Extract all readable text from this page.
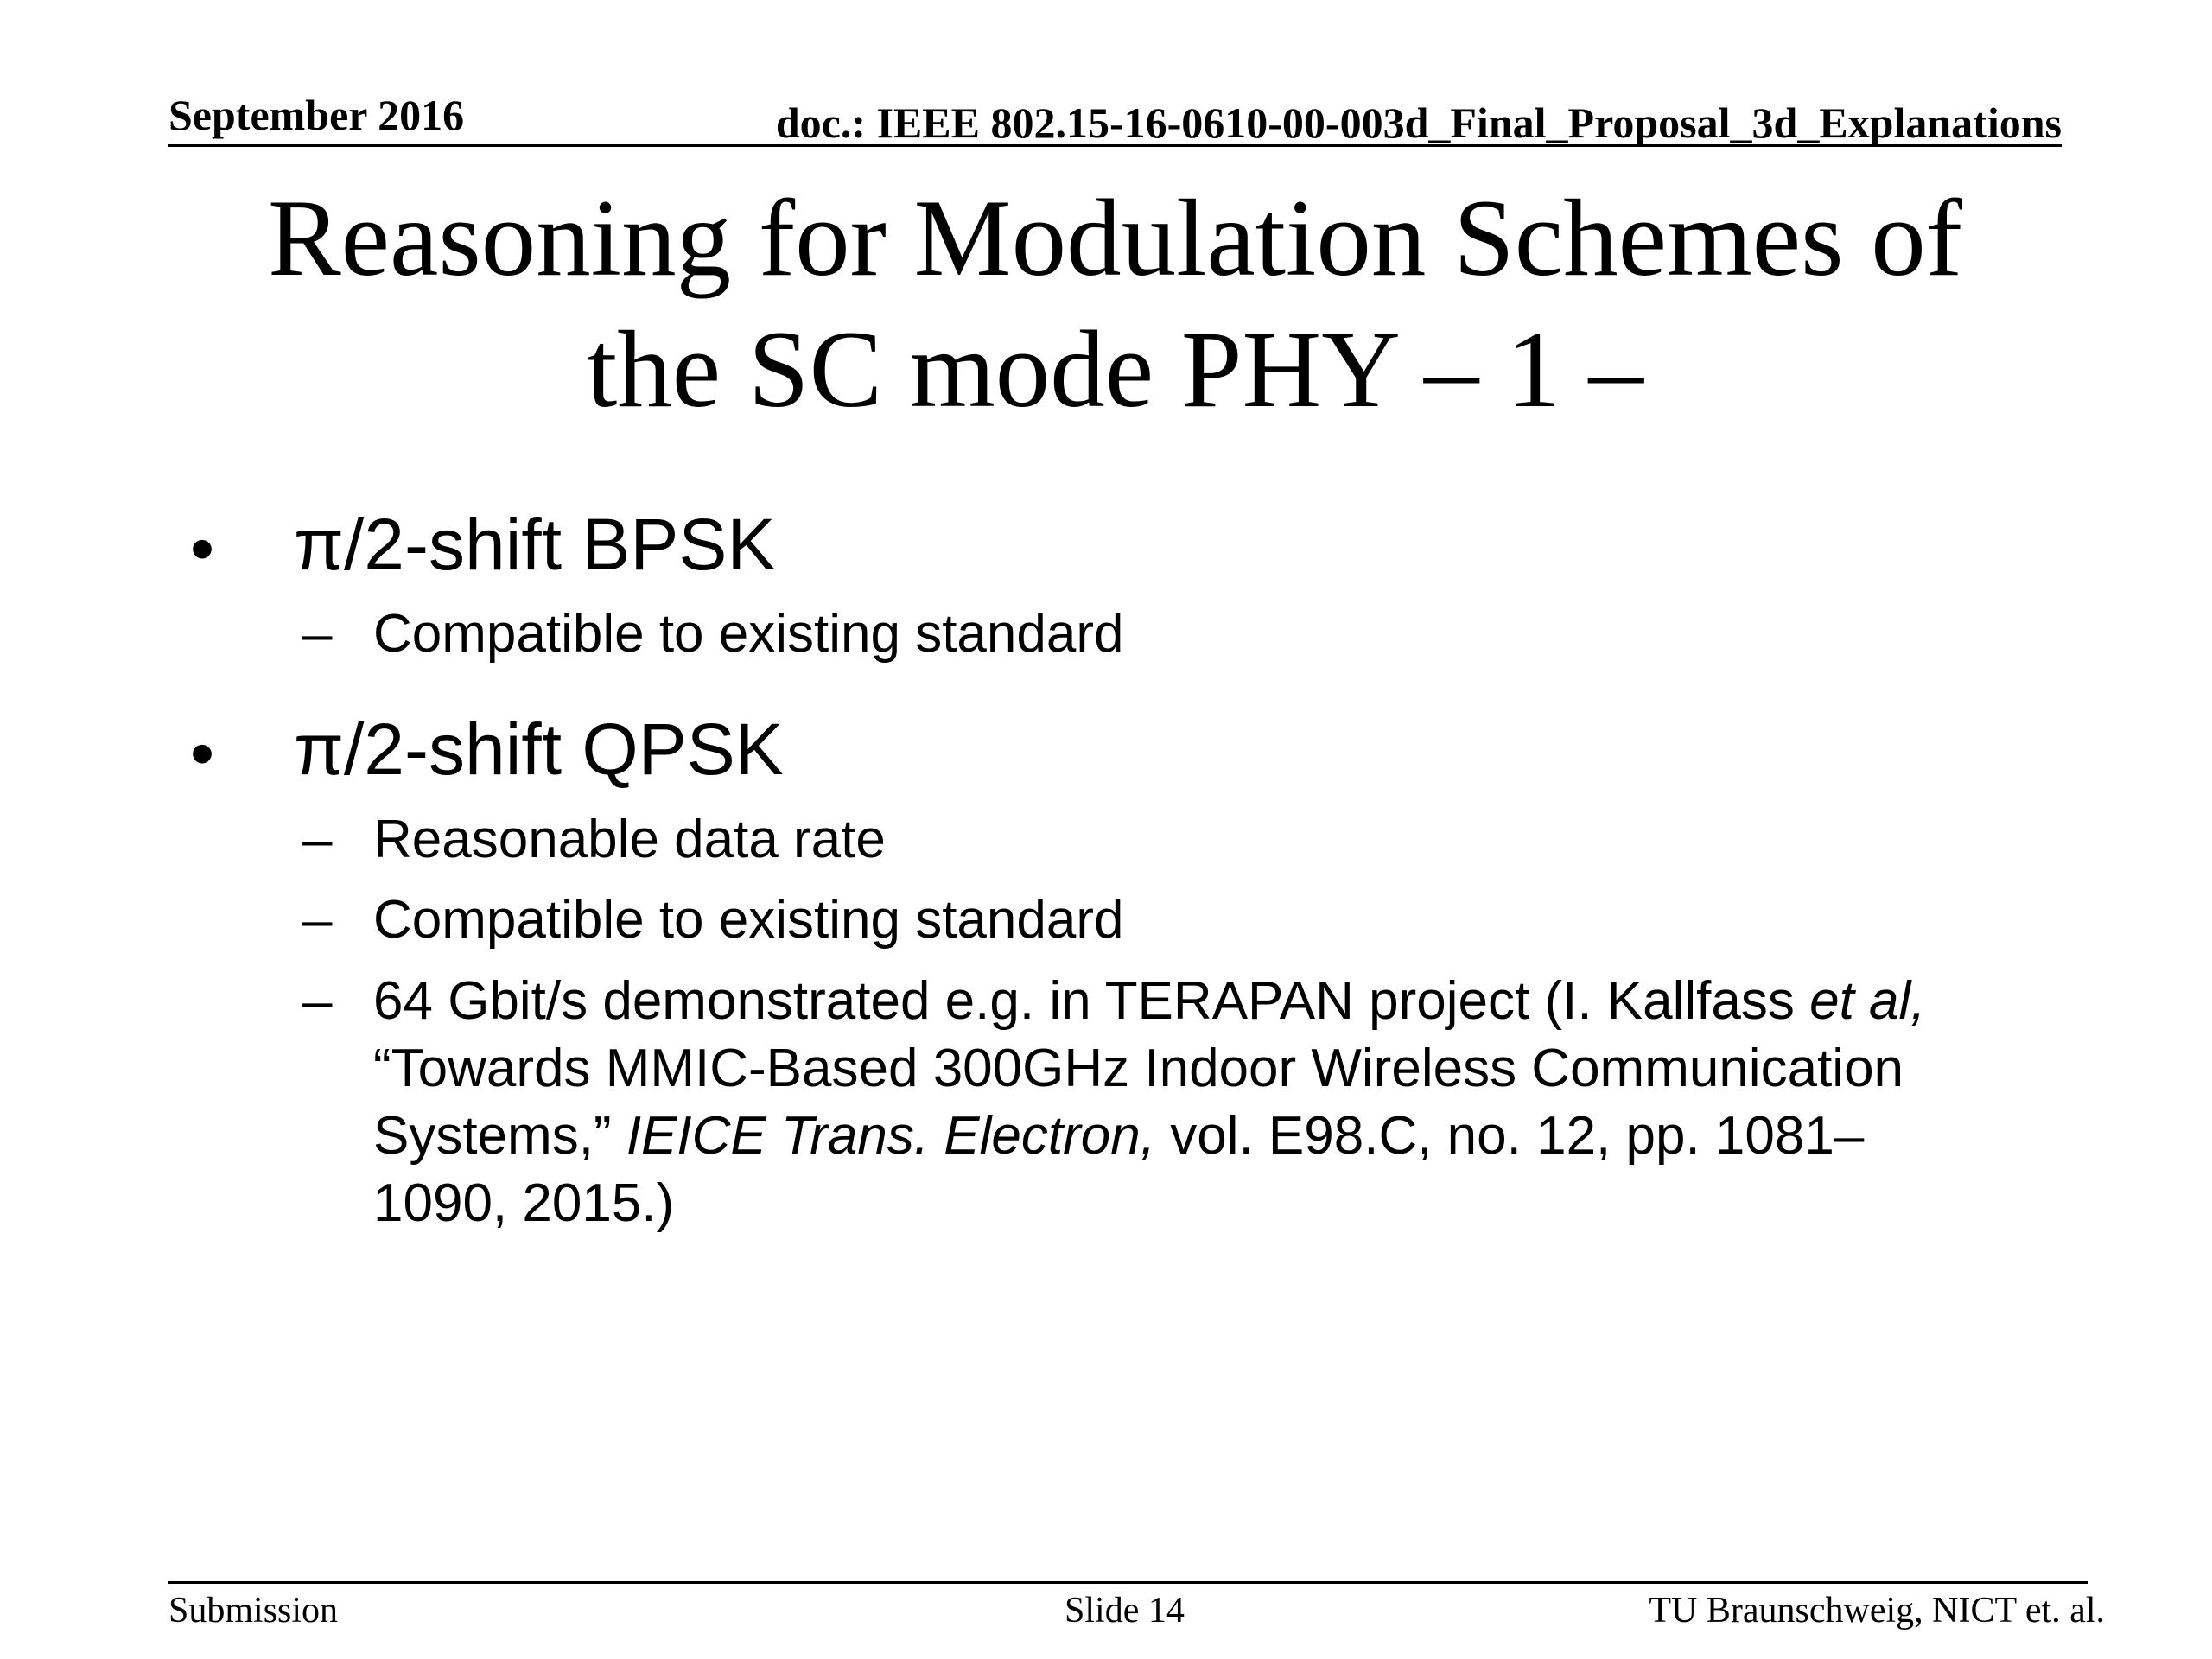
September 2016	doc.: IEEE 802.15-16-0610-00-003d_Final_Proposal_3d_Explanations
Reasoning for Modulation Schemes of
the SC mode PHY – 1 –
• π/2-shift BPSK
– Compatible to existing standard
• π/2-shift QPSK
– Reasonable data rate
– Compatible to existing standard
– 64 Gbit/s demonstrated e.g. in TERAPAN project (I. Kallfass et al,
“Towards MMIC-Based 300GHz Indoor Wireless Communication
Systems,” IEICE Trans. Electron, vol. E98.C, no. 12, pp. 1081–
1090, 2015.)
Submission	Slide 14	TU Braunschweig, NICT et. al.
